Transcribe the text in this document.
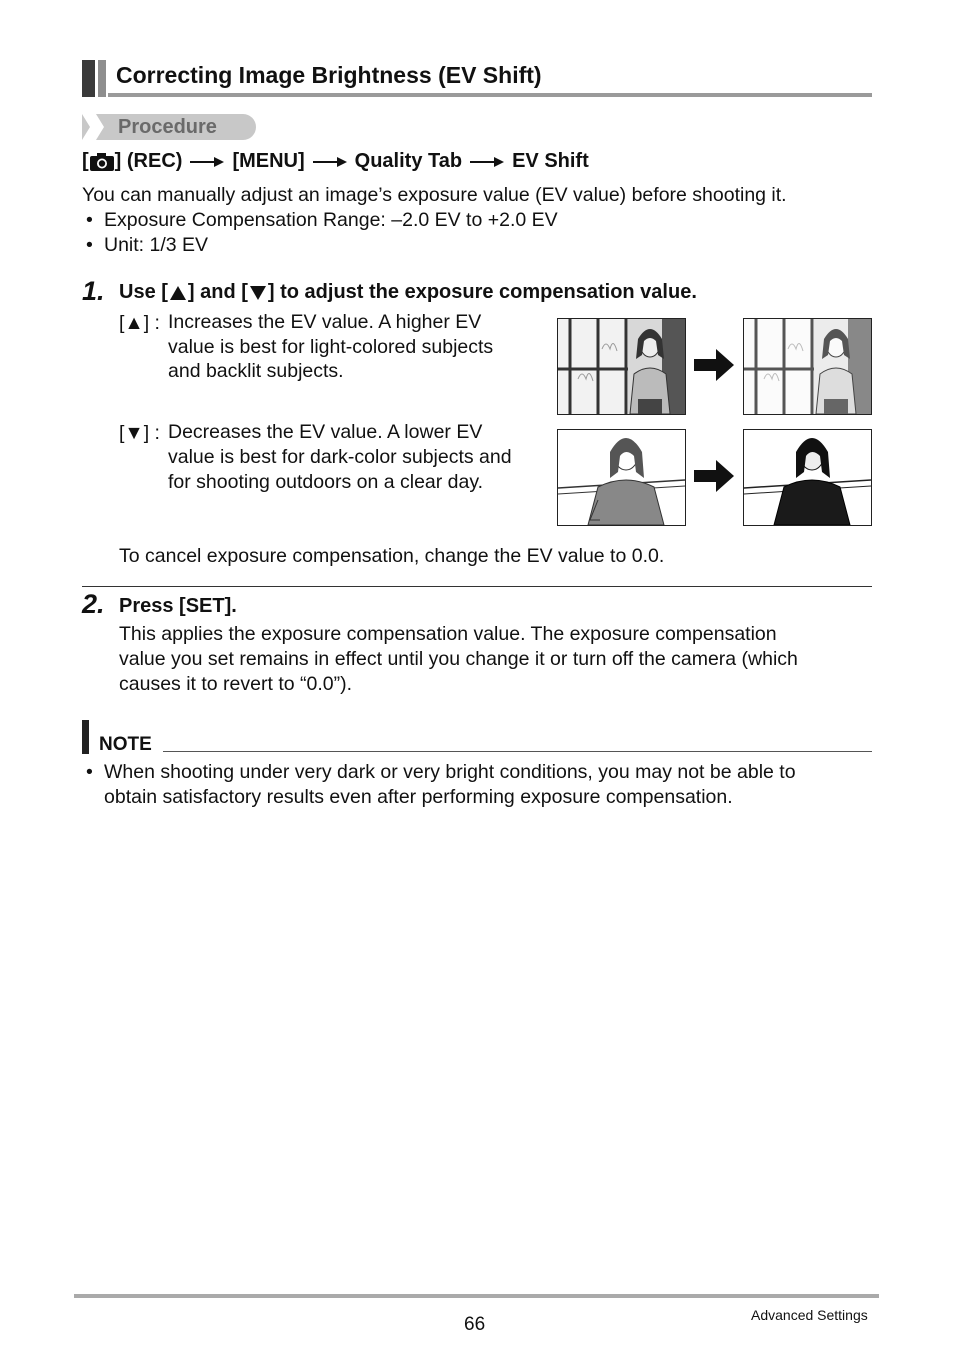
Correcting Image Brightness (EV Shift)
Procedure
[ ] (REC)	[MENU]	Quality Tab	EV Shift
You can manually adjust an image’s exposure value (EV value) before shooting it.
• Exposure Compensation Range: –2.0 EV to +2.0 EV
• Unit: 1/3 EV
1. Use [ ] and [ ] to adjust the exposure compensation value.
[▲] : Increases the EV value. A higher EV
value is best for light-colored subjects
and backlit subjects.
[▼] : Decreases the EV value. A lower EV
value is best for dark-color subjects and
for shooting outdoors on a clear day.
To cancel exposure compensation, change the EV value to 0.0.
2. Press [SET].
This applies the exposure compensation value. The exposure compensation
value you set remains in effect until you change it or turn off the camera (which
causes it to revert to “0.0”).
NOTE
• When shooting under very dark or very bright conditions, you may not be able to
obtain satisfactory results even after performing exposure compensation.
66	Advanced Settings
